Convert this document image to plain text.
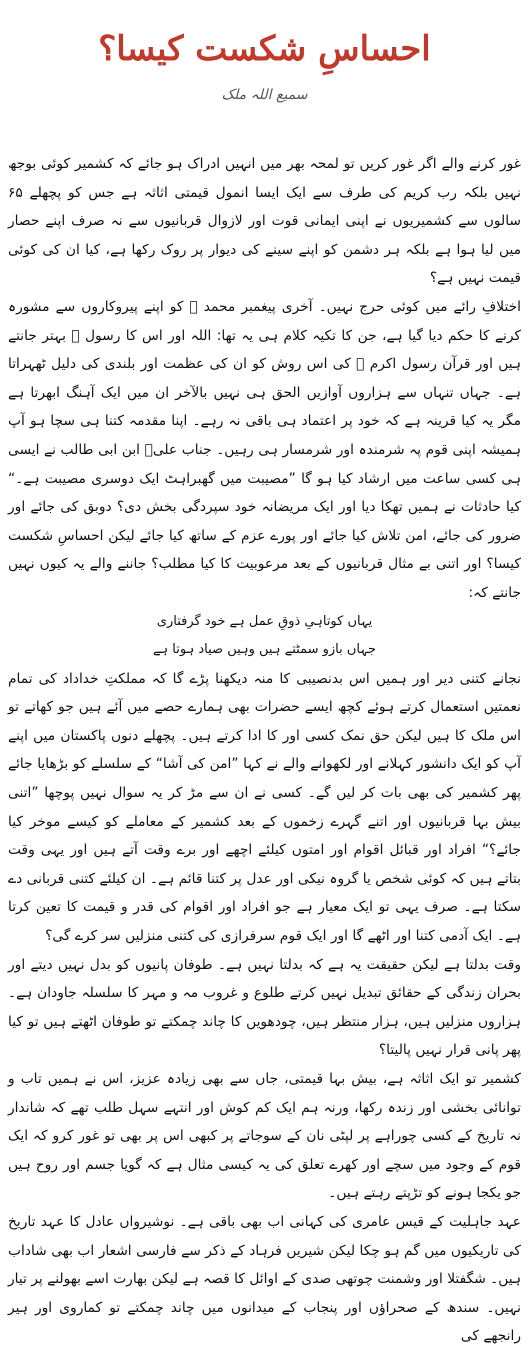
احساسِ شکست کیسا؟
سمیع اللہ ملک

غور کرنے والے اگر غور کریں تو لمحہ بھر میں انہیں ادراک ہو جائے کہ کشمیر کوئی بوجھ نہیں بلکہ رب کریم کی طرف سے ایک ایسا انمول قیمتی اثاثہ ہے جس کو پچھلے ۶۵ سالوں سے کشمیریوں نے اپنی ایمانی قوت اور لازوال قربانیوں سے نہ صرف اپنے حصار میں لیا ہوا ہے بلکہ ہر دشمن کو اپنے سینے کی دیوار پر روک رکھا ہے، کیا ان کی کوئی قیمت نہیں ہے؟

اختلافِ رائے میں کوئی حرج نہیں۔ آخری پیغمبر محمد ﷺ کو اپنے پیروکاروں سے مشورہ کرنے کا حکم دیا گیا ہے، جن کا تکیہ کلام ہی یہ تھا: اللہ اور اس کا رسول ﷺ بہتر جانتے ہیں اور قرآن رسول اکرم ﷺ کی اس روش کو ان کی عظمت اور بلندی کی دلیل ٹھہراتا ہے۔ جہاں تنہاں سے ہزاروں آوازیں الحق ہی نہیں بالآخر ان میں ایک آہنگ ابھرتا ہے مگر یہ کیا قرینہ ہے کہ خود پر اعتماد ہی باقی نہ رہے۔ اپنا مقدمہ کتنا ہی سچا ہو آپ ہمیشہ اپنی قوم پہ شرمندہ اور شرمسار ہی رہیں۔ جناب علیؓ ابن ابی طالب نے ایسی ہی کسی ساعت میں ارشاد کیا ہو گا ”مصیبت میں گھبراہٹ ایک دوسری مصیبت ہے۔“ کیا حادثات نے ہمیں تھکا دیا اور ایک مریضانہ خود سپردگی بخش دی؟ دوبق کی جائے اور ضرور کی جائے، امن تلاش کیا جائے اور پورے عزم کے ساتھ کیا جائے لیکن احساسِ شکست کیسا؟ اور اتنی بے مثال قربانیوں کے بعد مرعوبیت کا کیا مطلب؟ جاننے والے یہ کیوں نہیں جانتے کہ:

یہاں کوتاہیِ ذوقِ عمل ہے خود گرفتاری
جہاں بازو سمٹتے ہیں وہیں صیاد ہوتا ہے

نجانے کتنی دیر اور ہمیں اس بدنصیبی کا منہ دیکھنا پڑے گا کہ مملکتِ خداداد کی تمام نعمتیں استعمال کرتے ہوئے کچھ ایسے حضرات بھی ہمارے حصے میں آئے ہیں جو کھاتے تو اس ملک کا ہیں لیکن حق نمک کسی اور کا ادا کرتے ہیں۔ پچھلے دنوں پاکستان میں اپنے آپ کو ایک دانشور کہلانے اور لکھوانے والے نے کہا ”امن کی آشا“ کے سلسلے کو بڑھایا جائے پھر کشمیر کی بھی بات کر لیں گے۔ کسی نے ان سے مڑ کر یہ سوال نہیں پوچھا ”اتنی بیش بہا قربانیوں اور اتنے گہرے زخموں کے بعد کشمیر کے معاملے کو کیسے موخر کیا جائے؟“ افراد اور قبائل اقوام اور امتوں کیلئے اچھے اور برے وقت آتے ہیں اور یہی وقت بتاتے ہیں کہ کوئی شخص یا گروہ نیکی اور عدل پر کتنا قائم ہے۔ ان کیلئے کتنی قربانی دے سکتا ہے۔ صرف یہی تو ایک معیار ہے جو افراد اور اقوام کی قدر و قیمت کا تعین کرتا ہے۔ ایک آدمی کتنا اور اٹھے گا اور ایک قوم سرفرازی کی کتنی منزلیں سر کرے گی؟

وقت بدلتا ہے لیکن حقیقت یہ ہے کہ بدلتا نہیں ہے۔ طوفان پانیوں کو بدل نہیں دیتے اور بحران زندگی کے حقائق تبدیل نہیں کرتے طلوع و غروب مہ و مہر کا سلسلہ جاودان ہے۔ ہزاروں منزلیں ہیں، ہزار منتظر ہیں، چودھویں کا چاند چمکتے تو طوفان اٹھتے ہیں تو کیا پھر پانی قرار نہیں پالیتا؟

کشمیر تو ایک اثاثہ ہے، بیش بہا قیمتی، جاں سے بھی زیادہ عزیز، اس نے ہمیں تاب و توانائی بخشی اور زندہ رکھا، ورنہ ہم ایک کم کوش اور انتہے سہل طلب تھے کہ شاندار نہ تاریخ کے کسی چوراہے پر لپٹی نان کے سوجاتے پر کبھی اس پر بھی تو غور کرو کہ ایک قوم کے وجود میں سچے اور کھرے تعلق کی یہ کیسی مثال ہے کہ گویا جسم اور روح ہیں جو یکجا ہونے کو تڑپتے رہتے ہیں۔

عہد جاہلیت کے قیس عامری کی کہانی اب بھی باقی ہے۔ نوشیرواں عادل کا عہد تاریخ کی تاریکیوں میں گم ہو چکا لیکن شیریں فرہاد کے ذکر سے فارسی اشعار اب بھی شاداب ہیں۔ شگفتلا اور وشمنت چوتھی صدی کے اوائل کا قصہ ہے لیکن بھارت اسے بھولنے پر تیار نہیں۔ سندھ کے صحراؤں اور پنجاب کے میدانوں میں چاند چمکتے تو کماروی اور ہیر رانجھے کی
